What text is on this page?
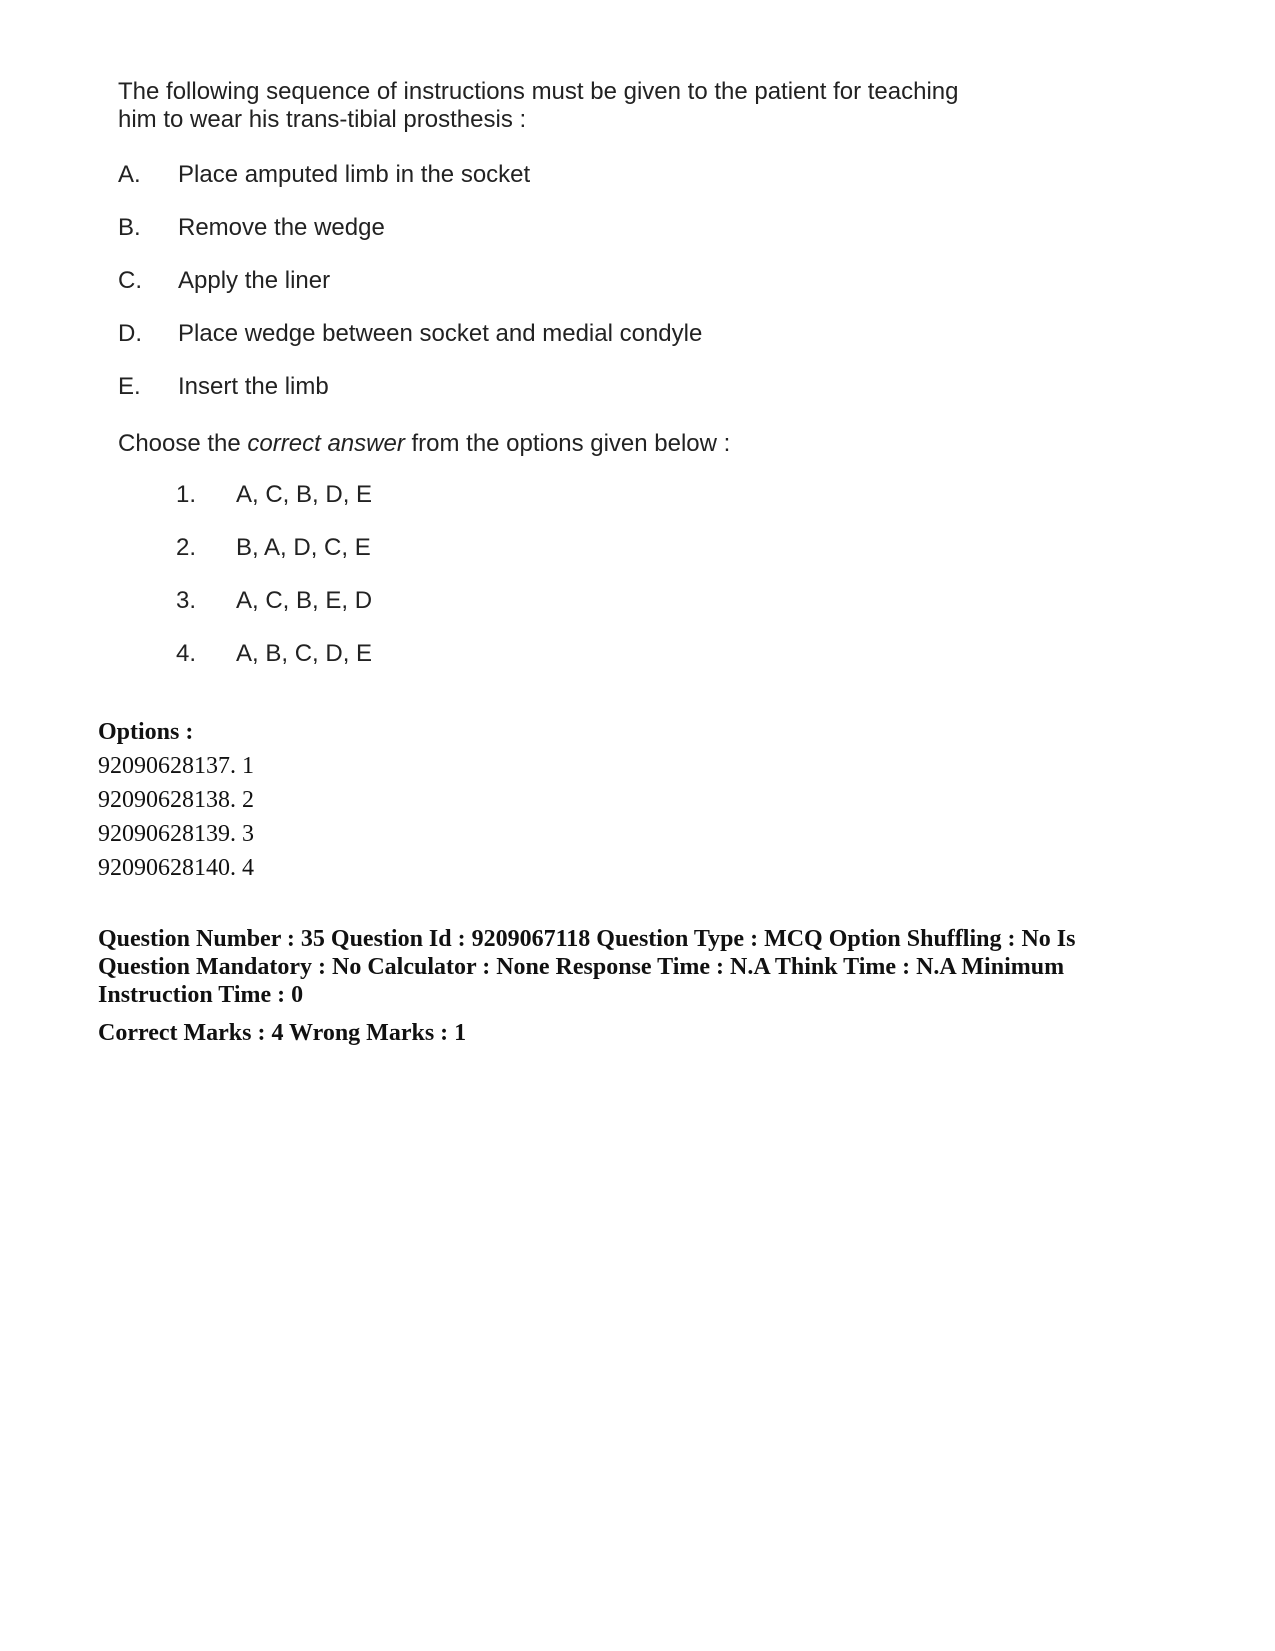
The following sequence of instructions must be given to the patient for teaching
him to wear his trans-tibial prosthesis :
A. Place amputed limb in the socket
B. Remove the wedge
C. Apply the liner
D. Place wedge between socket and medial condyle
E. Insert the limb
Choose the correct answer from the options given below :
1. A, C, B, D, E
2. B, A, D, C, E
3. A, C, B, E, D
4. A, B, C, D, E
Options :
92090628137. 1
92090628138. 2
92090628139. 3
92090628140. 4
Question Number : 35 Question Id : 9209067118 Question Type : MCQ Option Shuffling : No Is
Question Mandatory : No Calculator : None Response Time : N.A Think Time : N.A Minimum
Instruction Time : 0
Correct Marks : 4 Wrong Marks : 1
